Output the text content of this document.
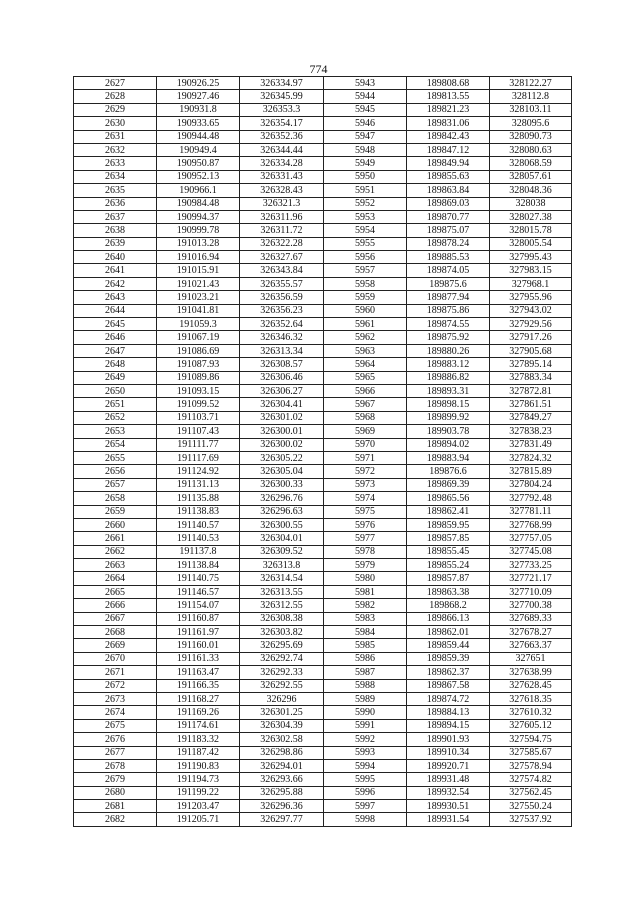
774
2627	190926.25	326334.97	5943	189808.68	328122.27
2628	190927.46	326345.99	5944	189813.55	328112.8
2629	190931.8	326353.3	5945	189821.23	328103.11
2630	190933.65	326354.17	5946	189831.06	328095.6
2631	190944.48	326352.36	5947	189842.43	328090.73
2632	190949.4	326344.44	5948	189847.12	328080.63
2633	190950.87	326334.28	5949	189849.94	328068.59
2634	190952.13	326331.43	5950	189855.63	328057.61
2635	190966.1	326328.43	5951	189863.84	328048.36
2636	190984.48	326321.3	5952	189869.03	328038
2637	190994.37	326311.96	5953	189870.77	328027.38
2638	190999.78	326311.72	5954	189875.07	328015.78
2639	191013.28	326322.28	5955	189878.24	328005.54
2640	191016.94	326327.67	5956	189885.53	327995.43
2641	191015.91	326343.84	5957	189874.05	327983.15
2642	191021.43	326355.57	5958	189875.6	327968.1
2643	191023.21	326356.59	5959	189877.94	327955.96
2644	191041.81	326356.23	5960	189875.86	327943.02
2645	191059.3	326352.64	5961	189874.55	327929.56
2646	191067.19	326346.32	5962	189875.92	327917.26
2647	191086.69	326313.34	5963	189880.26	327905.68
2648	191087.93	326308.57	5964	189883.12	327895.14
2649	191089.86	326306.46	5965	189886.82	327883.34
2650	191093.15	326306.27	5966	189893.31	327872.81
2651	191099.52	326304.41	5967	189898.15	327861.51
2652	191103.71	326301.02	5968	189899.92	327849.27
2653	191107.43	326300.01	5969	189903.78	327838.23
2654	191111.77	326300.02	5970	189894.02	327831.49
2655	191117.69	326305.22	5971	189883.94	327824.32
2656	191124.92	326305.04	5972	189876.6	327815.89
2657	191131.13	326300.33	5973	189869.39	327804.24
2658	191135.88	326296.76	5974	189865.56	327792.48
2659	191138.83	326296.63	5975	189862.41	327781.11
2660	191140.57	326300.55	5976	189859.95	327768.99
2661	191140.53	326304.01	5977	189857.85	327757.05
2662	191137.8	326309.52	5978	189855.45	327745.08
2663	191138.84	326313.8	5979	189855.24	327733.25
2664	191140.75	326314.54	5980	189857.87	327721.17
2665	191146.57	326313.55	5981	189863.38	327710.09
2666	191154.07	326312.55	5982	189868.2	327700.38
2667	191160.87	326308.38	5983	189866.13	327689.33
2668	191161.97	326303.82	5984	189862.01	327678.27
2669	191160.01	326295.69	5985	189859.44	327663.37
2670	191161.33	326292.74	5986	189859.39	327651
2671	191163.47	326292.33	5987	189862.37	327638.99
2672	191166.35	326292.55	5988	189867.58	327628.45
2673	191168.27	326296	5989	189874.72	327618.35
2674	191169.26	326301.25	5990	189884.13	327610.32
2675	191174.61	326304.39	5991	189894.15	327605.12
2676	191183.32	326302.58	5992	189901.93	327594.75
2677	191187.42	326298.86	5993	189910.34	327585.67
2678	191190.83	326294.01	5994	189920.71	327578.94
2679	191194.73	326293.66	5995	189931.48	327574.82
2680	191199.22	326295.88	5996	189932.54	327562.45
2681	191203.47	326296.36	5997	189930.51	327550.24
2682	191205.71	326297.77	5998	189931.54	327537.92
